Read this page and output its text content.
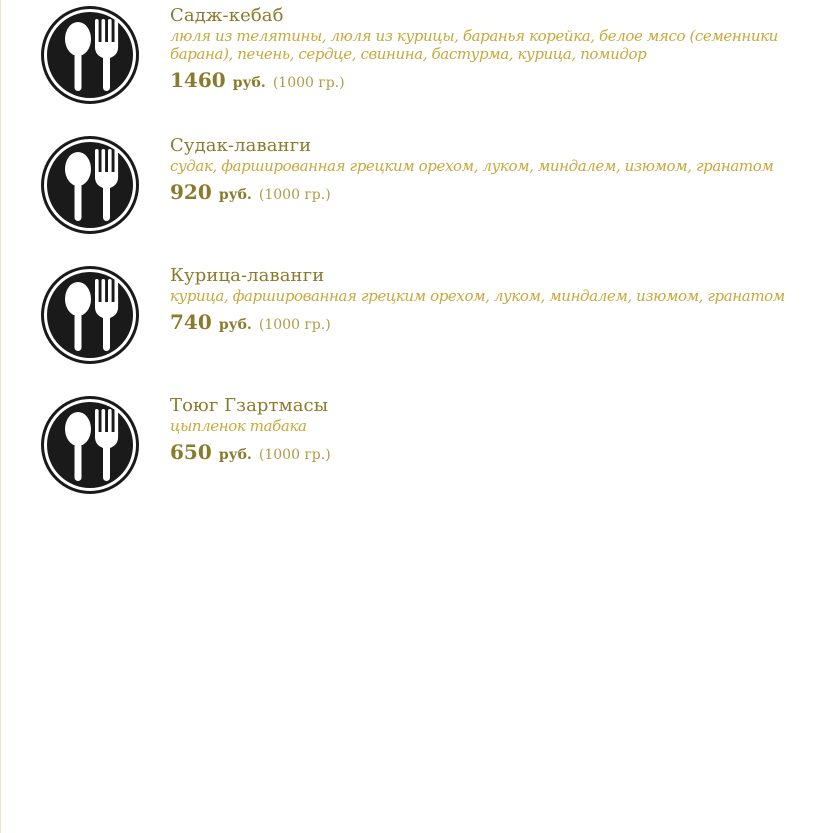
Садж-кебаб
люля из телятины, люля из курицы, баранья корейка, белое мясо (семенники барана), печень, сердце, свинина, бастурма, курица, помидор
1460 руб. (1000 гр.)
Судак-лаванги
судак, фаршированная грецким орехом, луком, миндалем, изюмом, гранатом
920 руб. (1000 гр.)
Курица-лаванги
курица, фаршированная грецким орехом, луком, миндалем, изюмом, гранатом
740 руб. (1000 гр.)
Тоюг Гзартмасы
цыпленок табака
650 руб. (1000 гр.)
